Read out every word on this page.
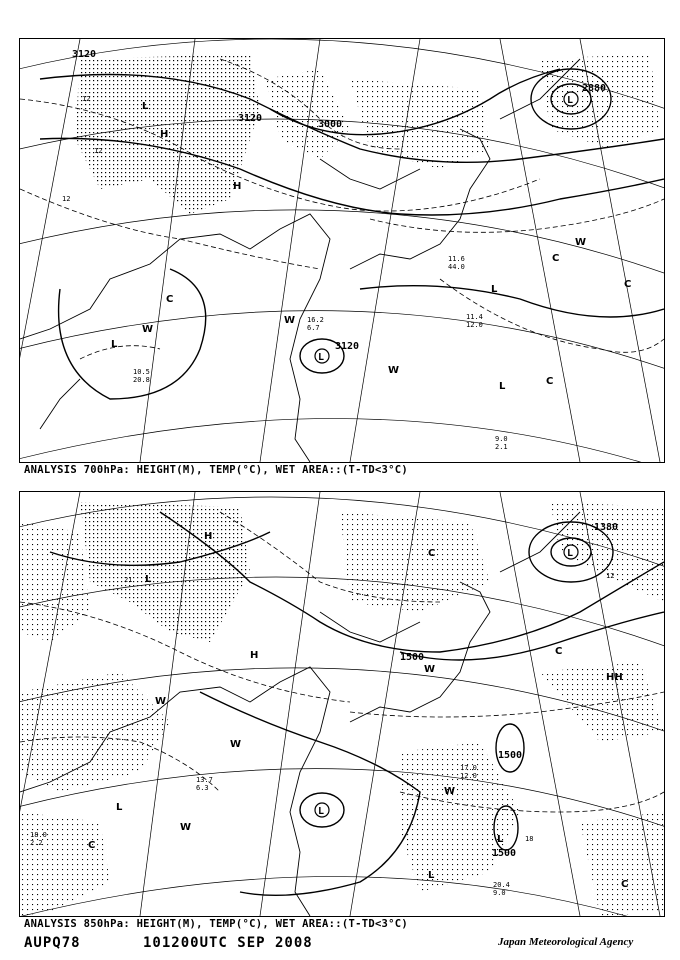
L
L
3120
3120
3000
2880
3120
12
12
12
L
H
H
L
W
C
C
L
L
W
W
W
C
C
9.0
2.1
11.4
12.0
11.6
44.0
10.5
20.8
16.2
6.7
ANALYSIS 700hPa: HEIGHT(M), TEMP(°C), WET AREA::(T-TD<3°C)
L
L
1500
1500
1500
1380
12
18
21
H
L
H
W
W
HH
W
L
W
C
L
W
L
C
C
C
18.0
2.2
17.0
12.0
20.4
9.0
13.7
6.3
ANALYSIS 850hPa: HEIGHT(M), TEMP(°C), WET AREA::(T-TD<3°C)
AUPQ78	101200UTC SEP 2008	Japan Meteorological Agency
